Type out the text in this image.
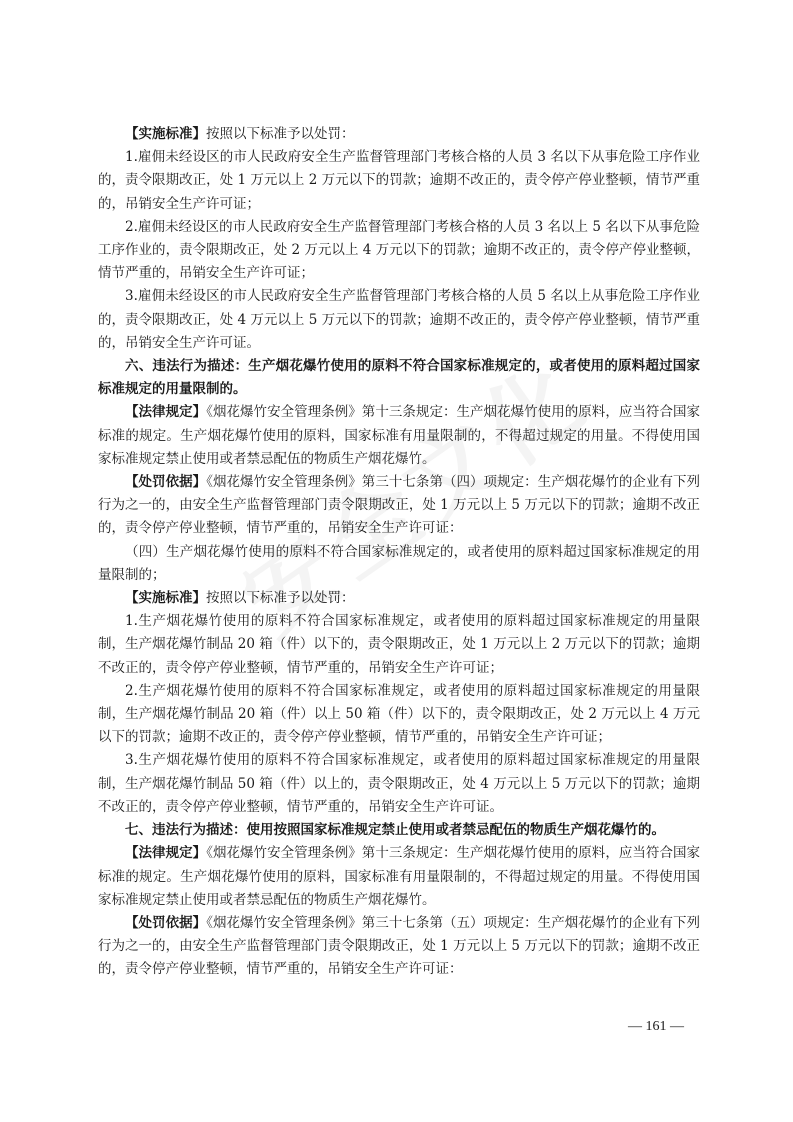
【实施标准】按照以下标准予以处罚：

1.雇佣未经设区的市人民政府安全生产监督管理部门考核合格的人员 3 名以下从事危险工序作业的，责令限期改正，处 1 万元以上 2 万元以下的罚款；逾期不改正的，责令停产停业整顿，情节严重的，吊销安全生产许可证；

2.雇佣未经设区的市人民政府安全生产监督管理部门考核合格的人员 3 名以上 5 名以下从事危险工序作业的，责令限期改正，处 2 万元以上 4 万元以下的罚款；逾期不改正的，责令停产停业整顿，情节严重的，吊销安全生产许可证；

3.雇佣未经设区的市人民政府安全生产监督管理部门考核合格的人员 5 名以上从事危险工序作业的，责令限期改正，处 4 万元以上 5 万元以下的罚款；逾期不改正的，责令停产停业整顿，情节严重的，吊销安全生产许可证。

六、违法行为描述：生产烟花爆竹使用的原料不符合国家标准规定的，或者使用的原料超过国家标准规定的用量限制的。

【法律规定】《烟花爆竹安全管理条例》第十三条规定：生产烟花爆竹使用的原料，应当符合国家标准的规定。生产烟花爆竹使用的原料，国家标准有用量限制的，不得超过规定的用量。不得使用国家标准规定禁止使用或者禁忌配伍的物质生产烟花爆竹。

【处罚依据】《烟花爆竹安全管理条例》第三十七条第（四）项规定：生产烟花爆竹的企业有下列行为之一的，由安全生产监督管理部门责令限期改正，处 1 万元以上 5 万元以下的罚款；逾期不改正的，责令停产停业整顿，情节严重的，吊销安全生产许可证：

（四）生产烟花爆竹使用的原料不符合国家标准规定的，或者使用的原料超过国家标准规定的用量限制的；

【实施标准】按照以下标准予以处罚：

1.生产烟花爆竹使用的原料不符合国家标准规定，或者使用的原料超过国家标准规定的用量限制，生产烟花爆竹制品 20 箱（件）以下的，责令限期改正，处 1 万元以上 2 万元以下的罚款；逾期不改正的，责令停产停业整顿，情节严重的，吊销安全生产许可证；

2.生产烟花爆竹使用的原料不符合国家标准规定，或者使用的原料超过国家标准规定的用量限制，生产烟花爆竹制品 20 箱（件）以上 50 箱（件）以下的，责令限期改正，处 2 万元以上 4 万元以下的罚款；逾期不改正的，责令停产停业整顿，情节严重的，吊销安全生产许可证；

3.生产烟花爆竹使用的原料不符合国家标准规定，或者使用的原料超过国家标准规定的用量限制，生产烟花爆竹制品 50 箱（件）以上的，责令限期改正，处 4 万元以上 5 万元以下的罚款；逾期不改正的，责令停产停业整顿，情节严重的，吊销安全生产许可证。

七、违法行为描述：使用按照国家标准规定禁止使用或者禁忌配伍的物质生产烟花爆竹的。

【法律规定】《烟花爆竹安全管理条例》第十三条规定：生产烟花爆竹使用的原料，应当符合国家标准的规定。生产烟花爆竹使用的原料，国家标准有用量限制的，不得超过规定的用量。不得使用国家标准规定禁止使用或者禁忌配伍的物质生产烟花爆竹。

【处罚依据】《烟花爆竹安全管理条例》第三十七条第（五）项规定：生产烟花爆竹的企业有下列行为之一的，由安全生产监督管理部门责令限期改正，处 1 万元以上 5 万元以下的罚款；逾期不改正的，责令停产停业整顿，情节严重的，吊销安全生产许可证：

— 161 —
